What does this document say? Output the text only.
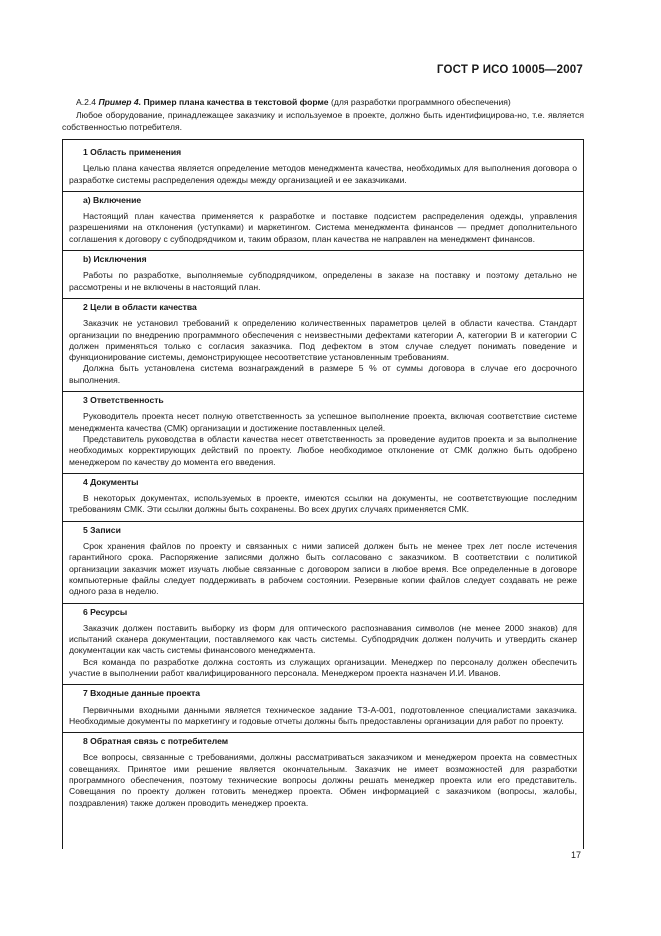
ГОСТ Р ИСО 10005—2007

A.2.4 Пример 4. Пример плана качества в текстовой форме (для разработки программного обеспечения)

Любое оборудование, принадлежащее заказчику и используемое в проекте, должно быть идентифицирова-но, т.е. является собственностью потребителя.

1 Область применения

Целью плана качества является определение методов менеджмента качества, необходимых для выполнения договора о разработке системы распределения одежды между организацией и ее заказчиками.

a) Включение

Настоящий план качества применяется к разработке и поставке подсистем распределения одежды, управления разрешениями на отклонения (уступками) и маркетингом. Система менеджмента финансов — предмет дополнительного соглашения к договору с субподрядчиком и, таким образом, план качества не направлен на менеджмент финансов.

b) Исключения

Работы по разработке, выполняемые субподрядчиком, определены в заказе на поставку и поэтому детально не рассмотрены и не включены в настоящий план.

2 Цели в области качества

Заказчик не установил требований к определению количественных параметров целей в области качества. Стандарт организации по внедрению программного обеспечения с неизвестными дефектами категории А, категории В и категории С должен применяться только с согласия заказчика. Под дефектом в этом случае следует понимать поведение и функционирование системы, демонстрирующее несоответствие установленным требованиям.

Должна быть установлена система вознаграждений в размере 5 % от суммы договора в случае его досрочного выполнения.

3 Ответственность

Руководитель проекта несет полную ответственность за успешное выполнение проекта, включая соответствие системе менеджмента качества (СМК) организации и достижение поставленных целей.

Представитель руководства в области качества несет ответственность за проведение аудитов проекта и за выполнение необходимых корректирующих действий по проекту. Любое необходимое отклонение от СМК должно быть одобрено менеджером по качеству до момента его введения.

4 Документы

В некоторых документах, используемых в проекте, имеются ссылки на документы, не соответствующие последним требованиям СМК. Эти ссылки должны быть сохранены. Во всех других случаях применяется СМК.

5 Записи

Срок хранения файлов по проекту и связанных с ними записей должен быть не менее трех лет после истечения гарантийного срока. Распоряжение записями должно быть согласовано с заказчиком. В соответствии с политикой организации заказчик может изучать любые связанные с договором записи в любое время. Все определенные в договоре компьютерные файлы следует поддерживать в рабочем состоянии. Резервные копии файлов следует создавать не реже одного раза в неделю.

6 Ресурсы

Заказчик должен поставить выборку из форм для оптического распознавания символов (не менее 2000 знаков) для испытаний сканера документации, поставляемого как часть системы. Субподрядчик должен получить и утвердить сканер документации как часть системы финансового менеджмента.

Вся команда по разработке должна состоять из служащих организации. Менеджер по персоналу должен обеспечить участие в выполнении работ квалифицированного персонала. Менеджером проекта назначен И.И. Иванов.

7 Входные данные проекта

Первичными входными данными является техническое задание ТЗ-А-001, подготовленное специалистами заказчика. Необходимые документы по маркетингу и годовые отчеты должны быть предоставлены организации для работ по проекту.

8 Обратная связь с потребителем

Все вопросы, связанные с требованиями, должны рассматриваться заказчиком и менеджером проекта на совместных совещаниях. Принятое ими решение является окончательным. Заказчик не имеет возможностей для разработки программного обеспечения, поэтому технические вопросы должны решать менеджер проекта или его представитель. Совещания по проекту должен готовить менеджер проекта. Обмен информацией с заказчиком (вопросы, жалобы, поздравления) также должен проводить менеджер проекта.

17
